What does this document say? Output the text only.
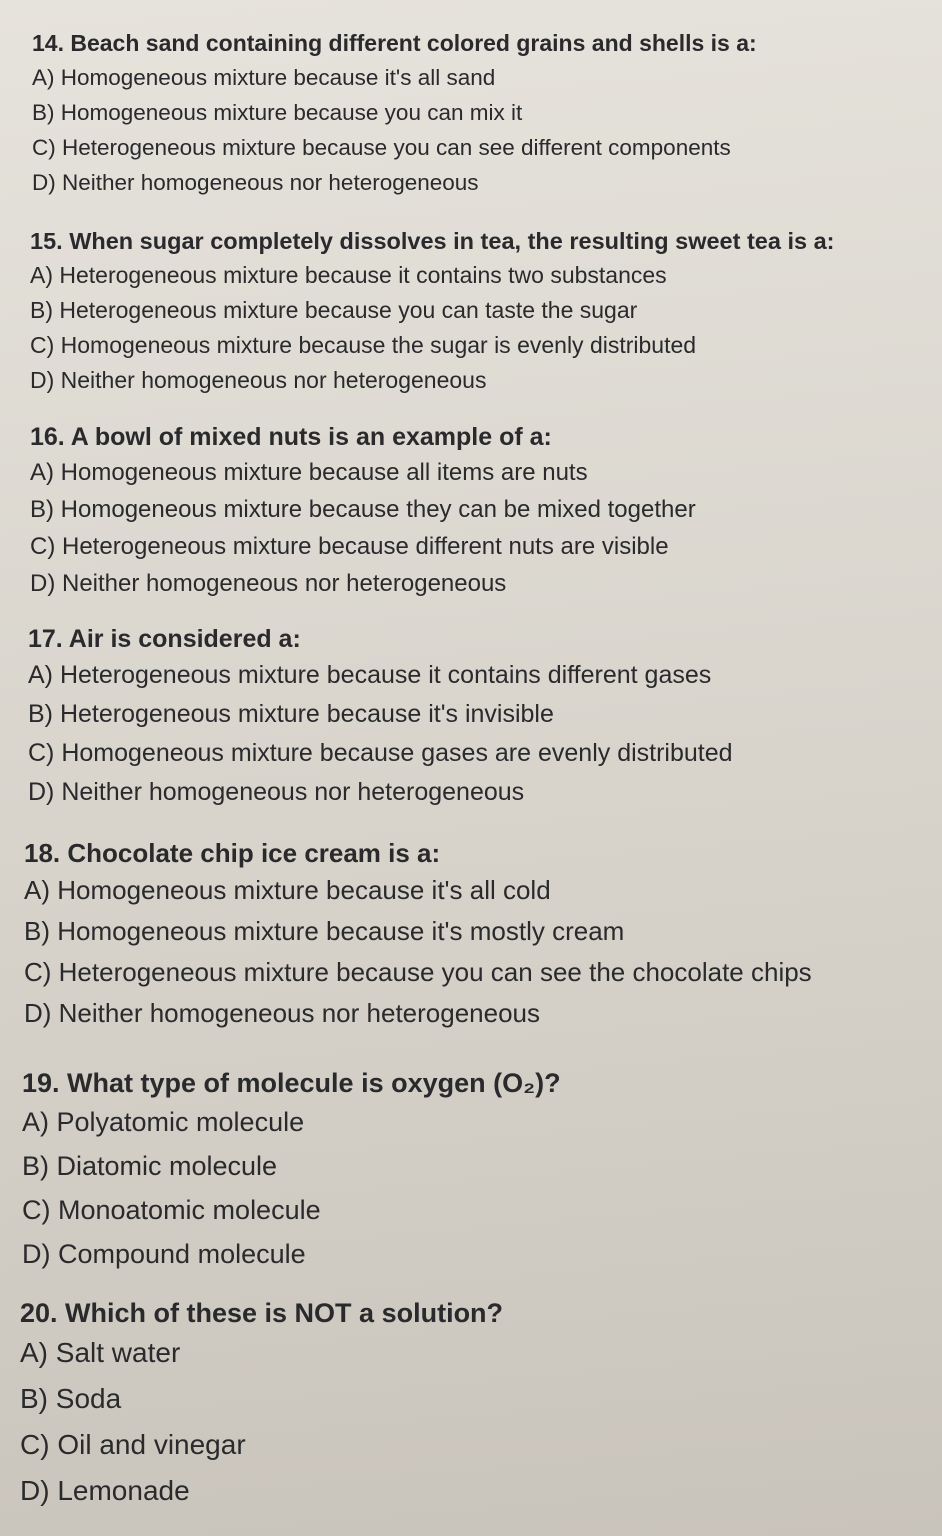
14. Beach sand containing different colored grains and shells is a:
A) Homogeneous mixture because it's all sand
B) Homogeneous mixture because you can mix it
C) Heterogeneous mixture because you can see different components
D) Neither homogeneous nor heterogeneous
15. When sugar completely dissolves in tea, the resulting sweet tea is a:
A) Heterogeneous mixture because it contains two substances
B) Heterogeneous mixture because you can taste the sugar
C) Homogeneous mixture because the sugar is evenly distributed
D) Neither homogeneous nor heterogeneous
16. A bowl of mixed nuts is an example of a:
A) Homogeneous mixture because all items are nuts
B) Homogeneous mixture because they can be mixed together
C) Heterogeneous mixture because different nuts are visible
D) Neither homogeneous nor heterogeneous
17. Air is considered a:
A) Heterogeneous mixture because it contains different gases
B) Heterogeneous mixture because it's invisible
C) Homogeneous mixture because gases are evenly distributed
D) Neither homogeneous nor heterogeneous
18. Chocolate chip ice cream is a:
A) Homogeneous mixture because it's all cold
B) Homogeneous mixture because it's mostly cream
C) Heterogeneous mixture because you can see the chocolate chips
D) Neither homogeneous nor heterogeneous
19. What type of molecule is oxygen (O₂)?
A) Polyatomic molecule
B) Diatomic molecule
C) Monoatomic molecule
D) Compound molecule
20. Which of these is NOT a solution?
A) Salt water
B) Soda
C) Oil and vinegar
D) Lemonade
